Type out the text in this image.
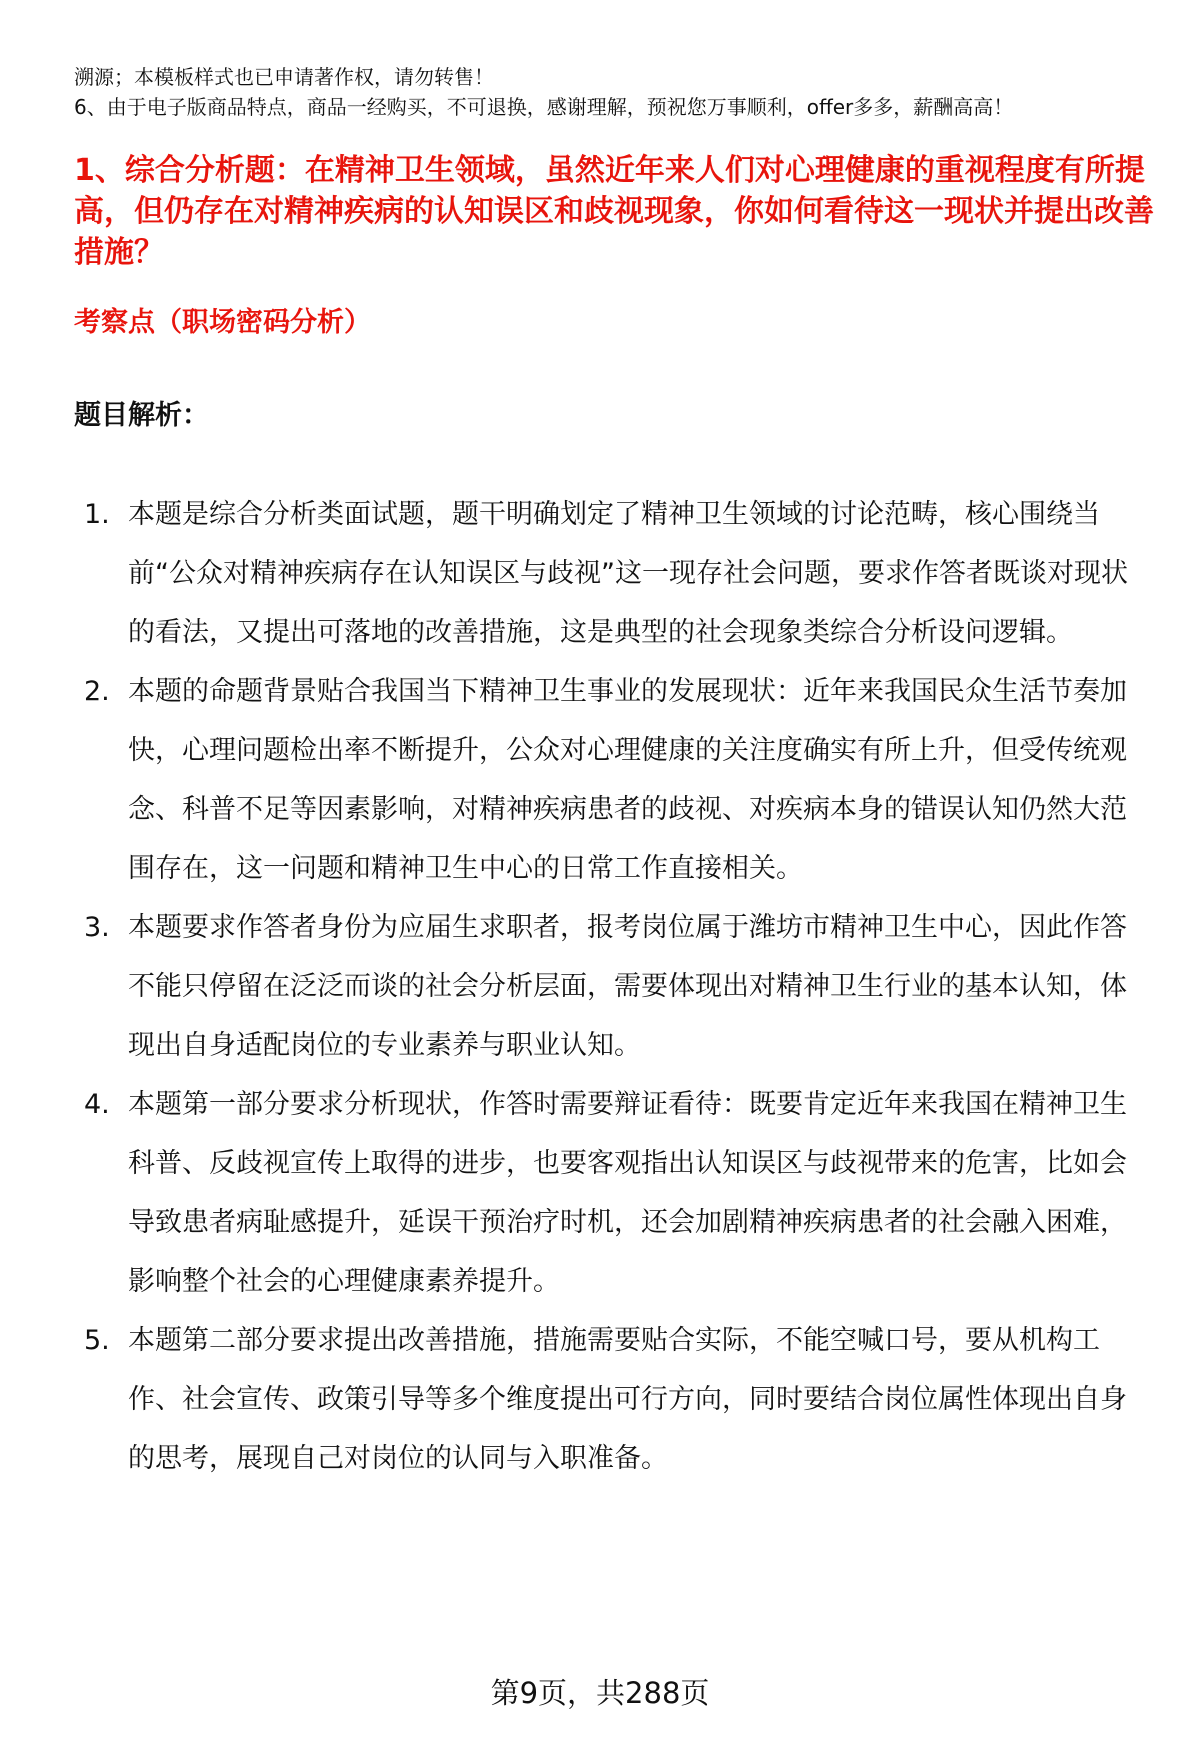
溯源；本模板样式也已申请著作权，请勿转售！
6、由于电子版商品特点，商品一经购买，不可退换，感谢理解，预祝您万事顺利，offer多多，薪酬高高！
1、综合分析题：在精神卫生领域，虽然近年来人们对心理健康的重视程度有所提高，但仍存在对精神疾病的认知误区和歧视现象，你如何看待这一现状并提出改善措施？
考察点（职场密码分析）
题目解析：
1. 本题是综合分析类面试题，题干明确划定了精神卫生领域的讨论范畴，核心围绕当前“公众对精神疾病存在认知误区与歧视”这一现存社会问题，要求作答者既谈对现状的看法，又提出可落地的改善措施，这是典型的社会现象类综合分析设问逻辑。
2. 本题的命题背景贴合我国当下精神卫生事业的发展现状：近年来我国民众生活节奏加快，心理问题检出率不断提升，公众对心理健康的关注度确实有所上升，但受传统观念、科普不足等因素影响，对精神疾病患者的歧视、对疾病本身的错误认知仍然大范围存在，这一问题和精神卫生中心的日常工作直接相关。
3. 本题要求作答者身份为应届生求职者，报考岗位属于潍坊市精神卫生中心，因此作答不能只停留在泛泛而谈的社会分析层面，需要体现出对精神卫生行业的基本认知，体现出自身适配岗位的专业素养与职业认知。
4. 本题第一部分要求分析现状，作答时需要辩证看待：既要肯定近年来我国在精神卫生科普、反歧视宣传上取得的进步，也要客观指出认知误区与歧视带来的危害，比如会导致患者病耻感提升，延误干预治疗时机，还会加剧精神疾病患者的社会融入困难，影响整个社会的心理健康素养提升。
5. 本题第二部分要求提出改善措施，措施需要贴合实际，不能空喊口号，要从机构工作、社会宣传、政策引导等多个维度提出可行方向，同时要结合岗位属性体现出自身的思考，展现自己对岗位的认同与入职准备。
第9页，共288页
